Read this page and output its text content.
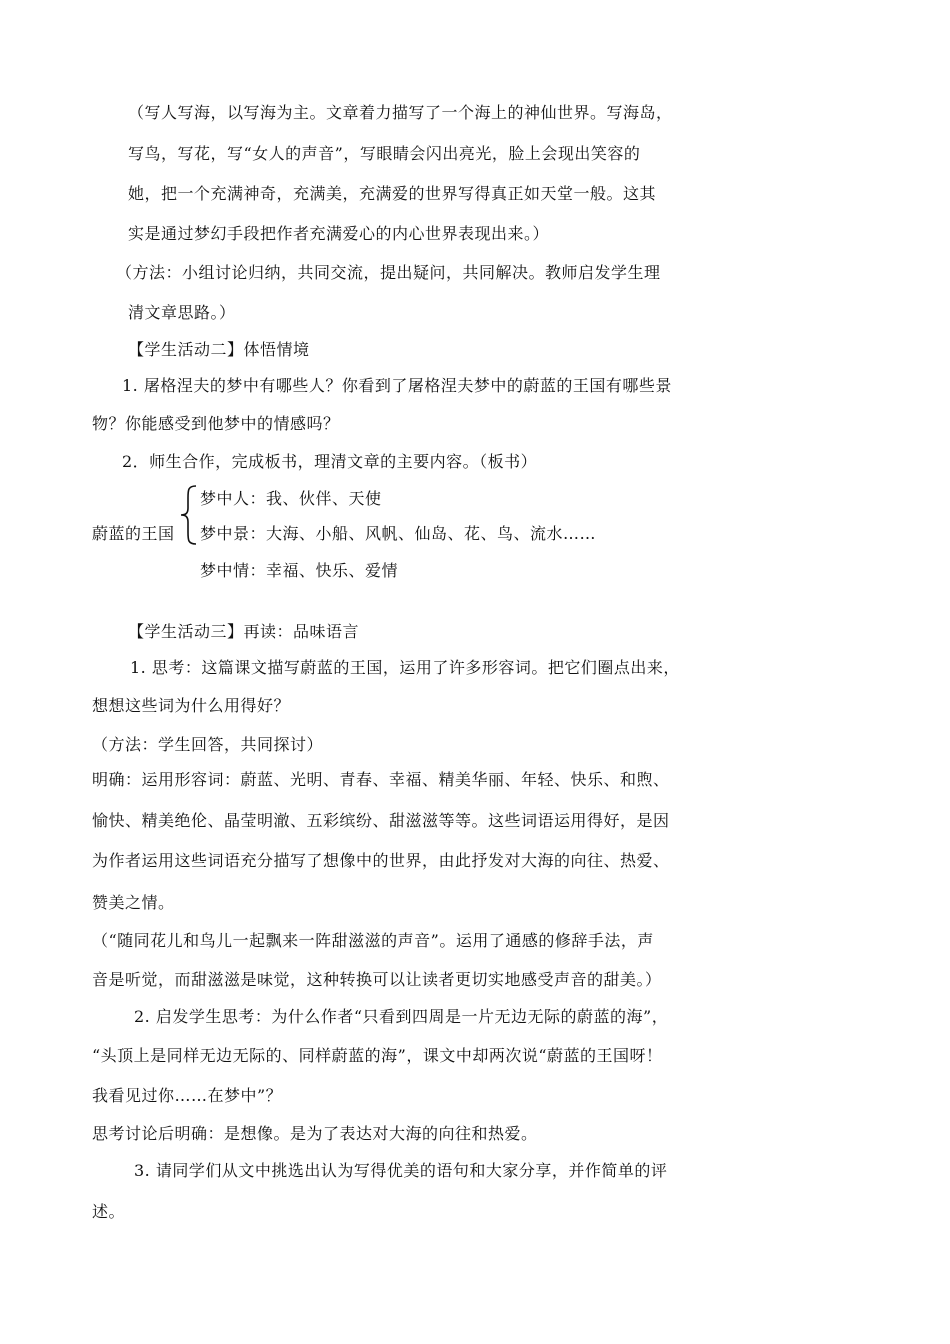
（写人写海，以写海为主。文章着力描写了一个海上的神仙世界。写海岛，
写鸟，写花，写“女人的声音”，写眼睛会闪出亮光，脸上会现出笑容的
她，把一个充满神奇，充满美，充满爱的世界写得真正如天堂一般。这其
实是通过梦幻手段把作者充满爱心的内心世界表现出来。）
（方法：小组讨论归纳，共同交流，提出疑问，共同解决。教师启发学生理
清文章思路。）
【学生活动二】体悟情境
1. 屠格涅夫的梦中有哪些人？你看到了屠格涅夫梦中的蔚蓝的王国有哪些景
物？你能感受到他梦中的情感吗？
2．师生合作，完成板书，理清文章的主要内容。（板书）
梦中人：我、伙伴、天使
蔚蓝的王国 梦中景：大海、小船、风帆、仙岛、花、鸟、流水……
梦中情：幸福、快乐、爱情
【学生活动三】再读：品味语言
1. 思考：这篇课文描写蔚蓝的王国，运用了许多形容词。把它们圈点出来，
想想这些词为什么用得好？
（方法：学生回答，共同探讨）
明确：运用形容词：蔚蓝、光明、青春、幸福、精美华丽、年轻、快乐、和煦、
愉快、精美绝伦、晶莹明澈、五彩缤纷、甜滋滋等等。这些词语运用得好，是因
为作者运用这些词语充分描写了想像中的世界，由此抒发对大海的向往、热爱、
赞美之情。
（“随同花儿和鸟儿一起飘来一阵甜滋滋的声音”。运用了通感的修辞手法，声
音是听觉，而甜滋滋是味觉，这种转换可以让读者更切实地感受声音的甜美。）
2. 启发学生思考：为什么作者“只看到四周是一片无边无际的蔚蓝的海”，
“头顶上是同样无边无际的、同样蔚蓝的海”，课文中却两次说“蔚蓝的王国呀！
我看见过你……在梦中”？
思考讨论后明确：是想像。是为了表达对大海的向往和热爱。
3. 请同学们从文中挑选出认为写得优美的语句和大家分享，并作简单的评
述。
